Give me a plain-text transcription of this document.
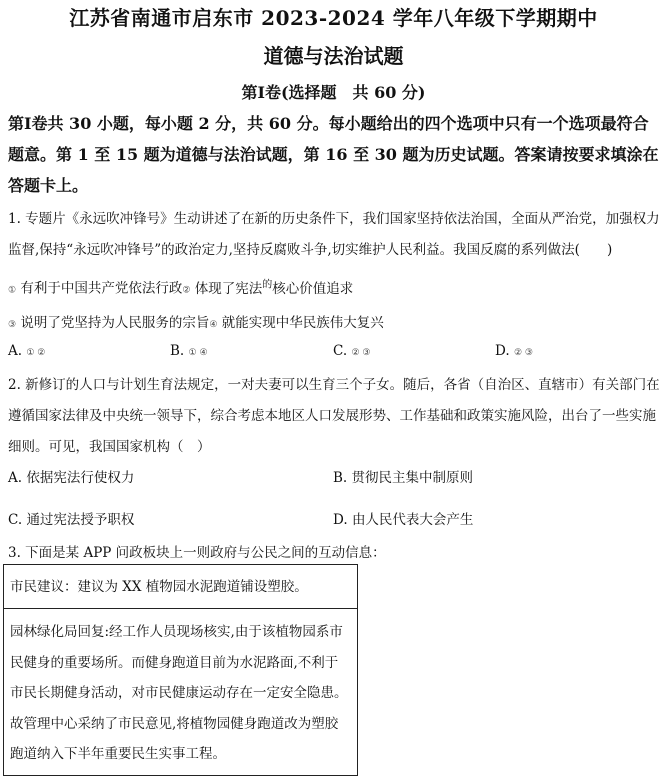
江苏省南通市启东市 2023-2024 学年八年级下学期期中
道德与法治试题
第Ⅰ卷(选择题　共 60 分)
第Ⅰ卷共 30 小题，每小题 2 分，共 60 分。每小题给出的四个选项中只有一个选项最符合题意。第 1 至 15 题为道德与法治试题，第 16 至 30 题为历史试题。答案请按要求填涂在答题卡上。
1. 专题片《永远吹冲锋号》生动讲述了在新的历史条件下，我们国家坚持依法治国，全面从严治党，加强权力监督,保持“永远吹冲锋号”的政治定力,坚持反腐败斗争,切实维护人民利益。我国反腐的系列做法(　　)
① 有利于中国共产党依法行政② 体现了宪法$^的$核心价值追求
③ 说明了党坚持为人民服务的宗旨④ 就能实现中华民族伟大复兴
A. ① ②	B. ① ④	C. ② ③	D. ② ③
2. 新修订的人口与计划生育法规定，一对夫妻可以生育三个子女。随后，各省（自治区、直辖市）有关部门在遵循国家法律及中央统一领导下，综合考虑本地区人口发展形势、工作基础和政策实施风险，出台了一些实施细则。可见，我国国家机构（　）
A. 依据宪法行使权力	B. 贯彻民主集中制原则
C. 通过宪法授予职权	D. 由人民代表大会产生
3. 下面是某 APP 问政板块上一则政府与公民之间的互动信息：
市民建议：建议为 XX 植物园水泥跑道铺设塑胶。
园林绿化局回复:经工作人员现场核实,由于该植物园系市民健身的重要场所。而健身跑道目前为水泥路面,不利于市民长期健身活动，对市民健康运动存在一定安全隐患。故管理中心采纳了市民意见,将植物园健身跑道改为塑胶跑道纳入下半年重要民生实事工程。
